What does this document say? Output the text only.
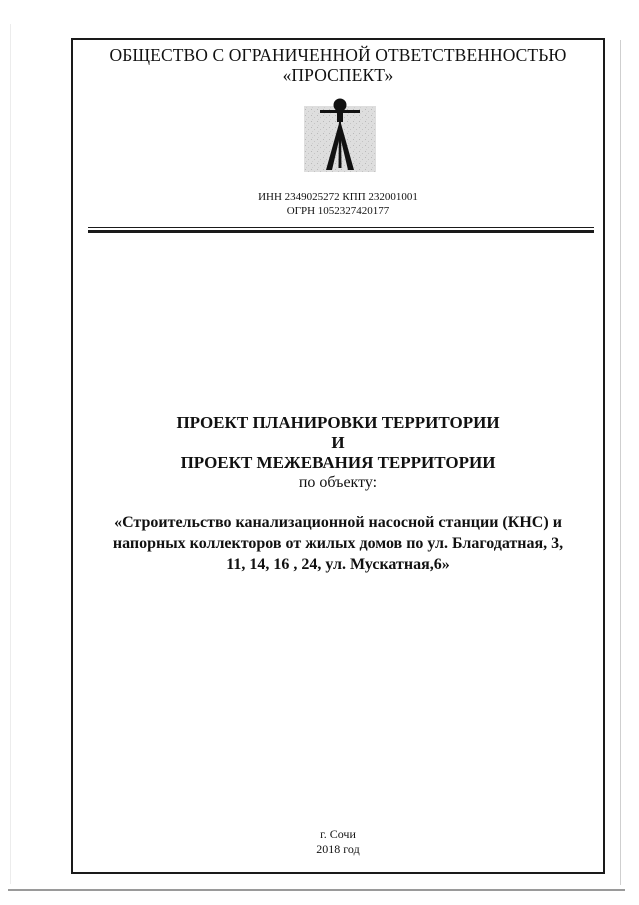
ОБЩЕСТВО С ОГРАНИЧЕННОЙ ОТВЕТСТВЕННОСТЬЮ
«ПРОСПЕКТ»
ИНН 2349025272 КПП 232001001
ОГРН 1052327420177
ПРОЕКТ ПЛАНИРОВКИ ТЕРРИТОРИИ
И
ПРОЕКТ МЕЖЕВАНИЯ ТЕРРИТОРИИ
по объекту:
«Строительство канализационной насосной станции (КНС) и
напорных коллекторов от жилых домов по ул. Благодатная, 3,
11, 14, 16 , 24, ул. Мускатная,6»
г. Сочи
2018 год
